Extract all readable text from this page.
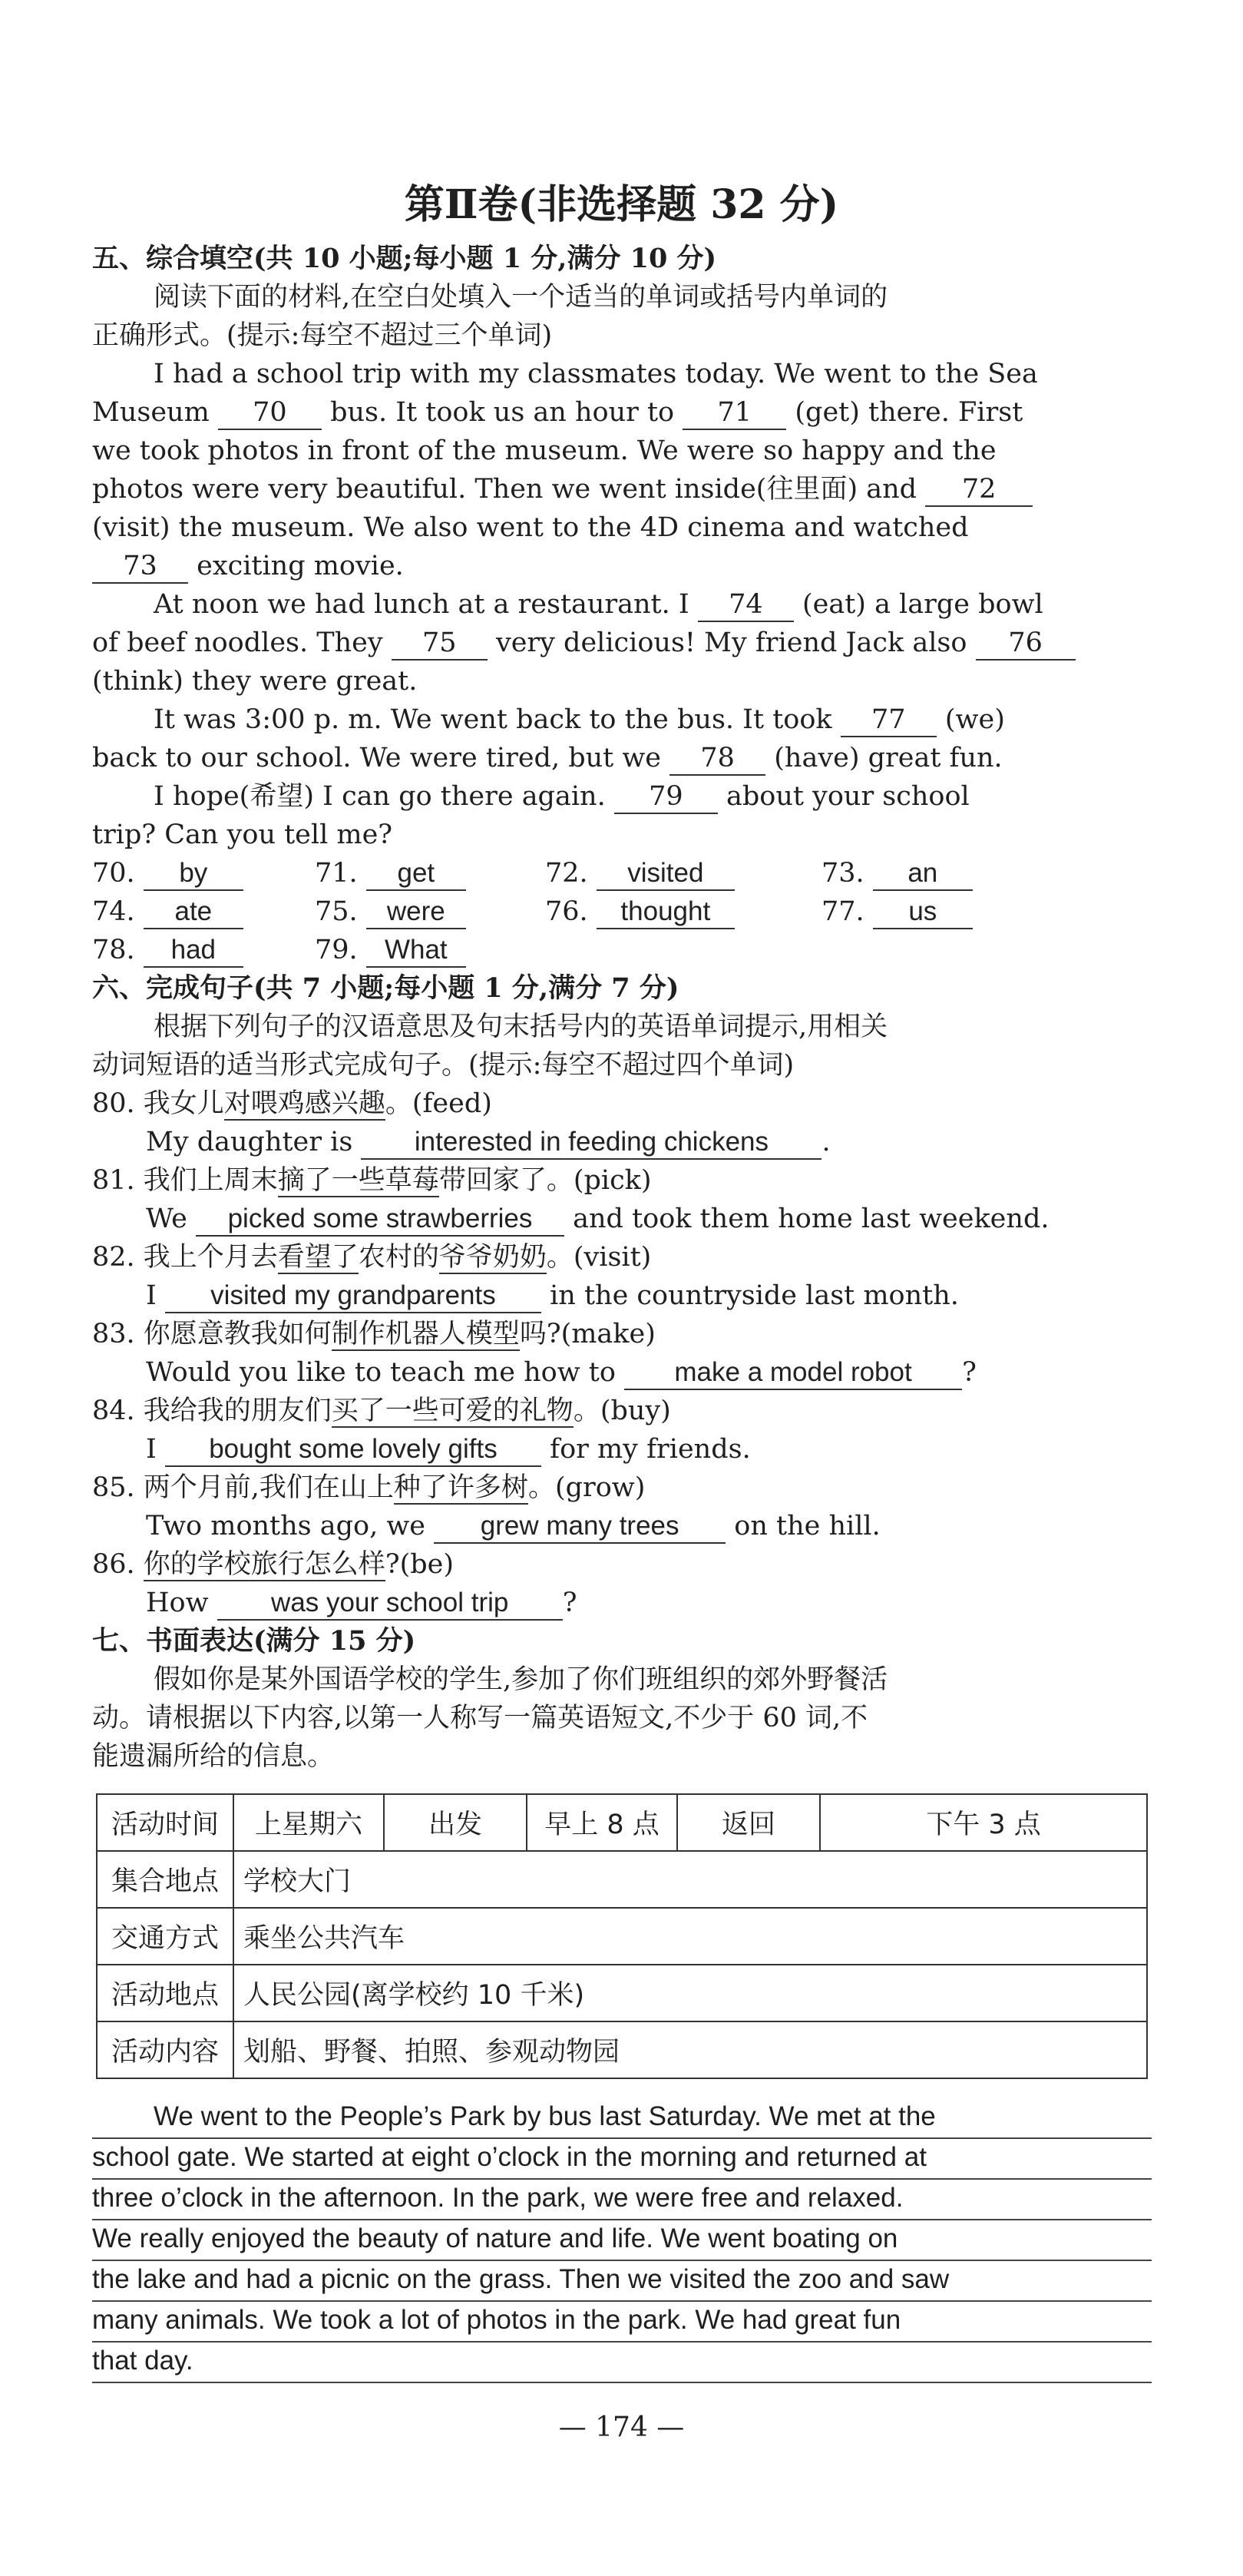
第Ⅱ卷(非选择题 32 分)
五、综合填空(共 10 小题;每小题 1 分,满分 10 分)
阅读下面的材料,在空白处填入一个适当的单词或括号内单词的
正确形式。(提示:每空不超过三个单词)
I had a school trip with my classmates today. We went to the Sea
Museum 70 bus. It took us an hour to 71 (get) there. First
we took photos in front of the museum. We were so happy and the
photos were very beautiful. Then we went inside(往里面) and 72
(visit) the museum. We also went to the 4D cinema and watched
73 exciting movie.
At noon we had lunch at a restaurant. I 74 (eat) a large bowl
of beef noodles. They 75 very delicious! My friend Jack also 76
(think) they were great.
It was 3:00 p. m. We went back to the bus. It took 77 (we)
back to our school. We were tired, but we 78 (have) great fun.
I hope(希望) I can go there again. 79 about your school
trip? Can you tell me?
70. by	71. get	72. visited	73. an
74. ate	75. were	76. thought	77. us
78. had	79. What
六、完成句子(共 7 小题;每小题 1 分,满分 7 分)
根据下列句子的汉语意思及句末括号内的英语单词提示,用相关
动词短语的适当形式完成句子。(提示:每空不超过四个单词)
80. 我女儿对喂鸡感兴趣。(feed)
My daughter is interested in feeding chickens .
81. 我们上周末摘了一些草莓带回家了。(pick)
We picked some strawberries and took them home last weekend.
82. 我上个月去看望了农村的爷爷奶奶。(visit)
I visited my grandparents in the countryside last month.
83. 你愿意教我如何制作机器人模型吗?(make)
Would you like to teach me how to make a model robot ?
84. 我给我的朋友们买了一些可爱的礼物。(buy)
I bought some lovely gifts for my friends.
85. 两个月前,我们在山上种了许多树。(grow)
Two months ago, we grew many trees on the hill.
86. 你的学校旅行怎么样?(be)
How was your school trip ?
七、书面表达(满分 15 分)
假如你是某外国语学校的学生,参加了你们班组织的郊外野餐活
动。请根据以下内容,以第一人称写一篇英语短文,不少于 60 词,不
能遗漏所给的信息。
活动时间	上星期六	出发	早上 8 点	返回	下午 3 点
集合地点	学校大门				
交通方式	乘坐公共汽车				
活动地点	人民公园(离学校约 10 千米)				
活动内容	划船、野餐、拍照、参观动物园				
We went to the People’s Park by bus last Saturday. We met at the
school gate. We started at eight o’clock in the morning and returned at
three o’clock in the afternoon. In the park, we were free and relaxed.
We really enjoyed the beauty of nature and life. We went boating on
the lake and had a picnic on the grass. Then we visited the zoo and saw
many animals. We took a lot of photos in the park. We had great fun
that day.
— 174 —
